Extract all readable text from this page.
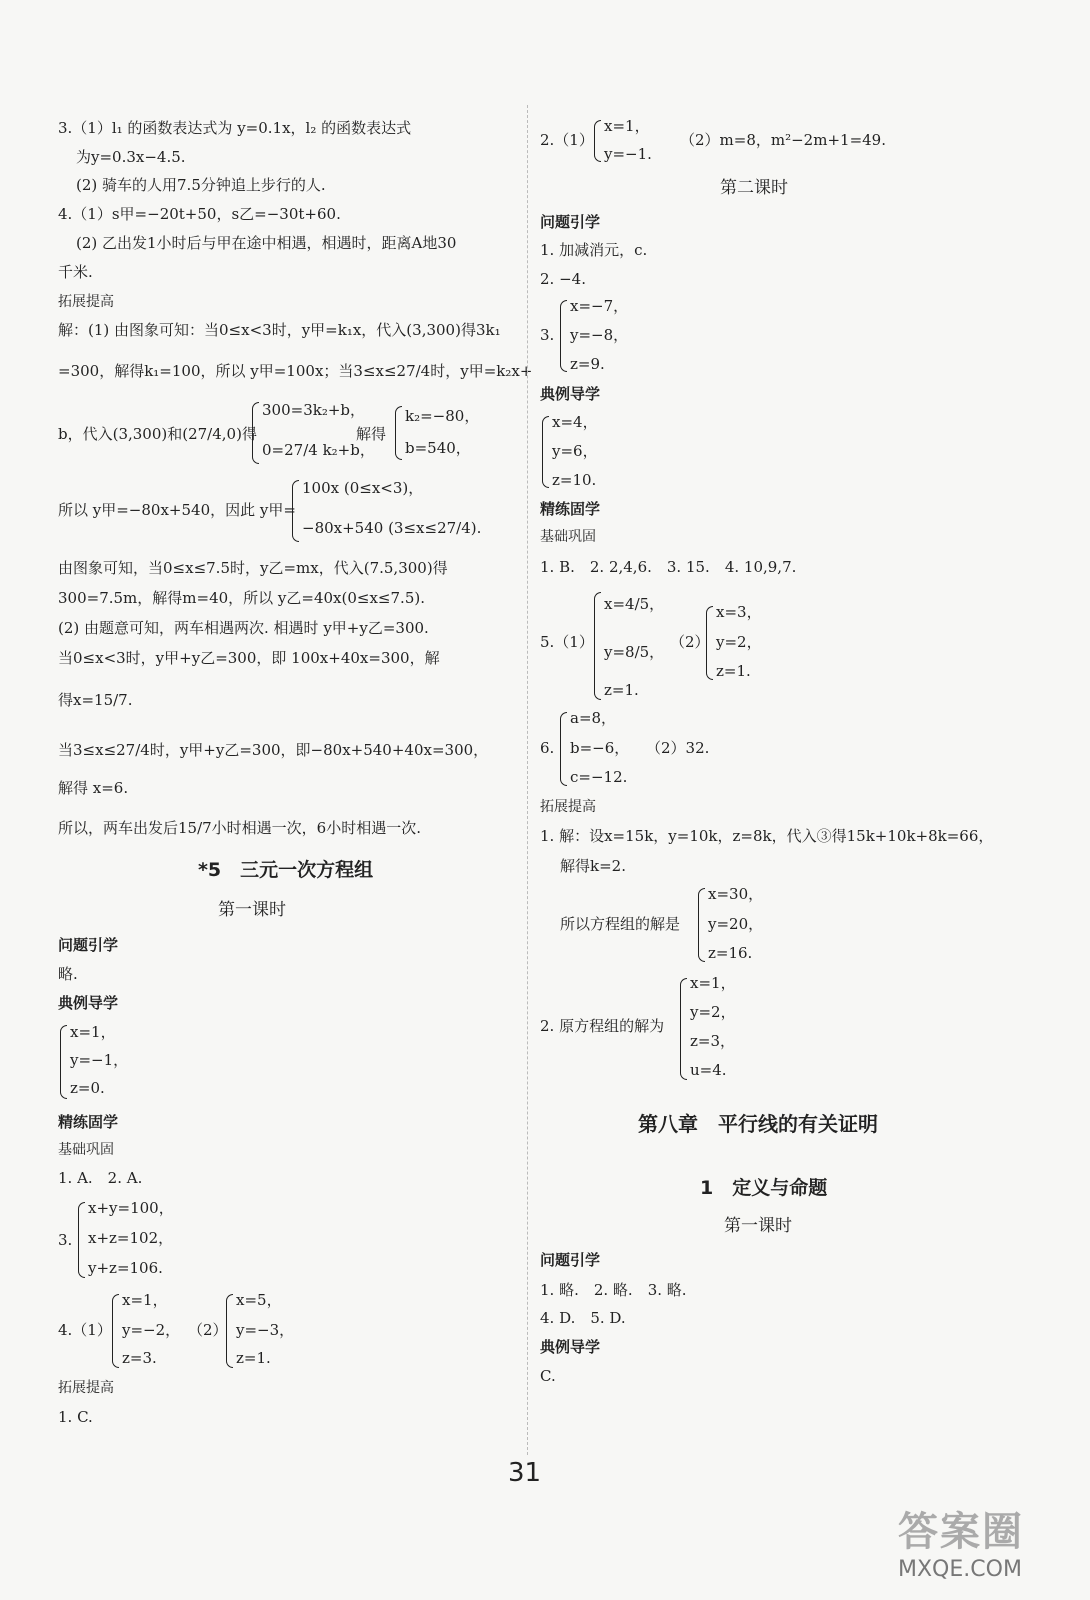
3.（1）l₁ 的函数表达式为 y=0.1x，l₂ 的函数表达式
为y=0.3x−4.5.
(2) 骑车的人用7.5分钟追上步行的人.
4.（1）s甲=−20t+50，s乙=−30t+60.
(2) 乙出发1小时后与甲在途中相遇，相遇时，距离A地30
千米.
拓展提高
解：(1) 由图象可知：当0≤x<3时，y甲=k₁x，代入(3,300)得3k₁
=300，解得k₁=100，所以 y甲=100x；当3≤x≤27/4时，y甲=k₂x+
b，代入(3,300)和(27/4,0)得
300=3k₂+b，
0=27/4 k₂+b，
解得
k₂=−80，
b=540，
所以 y甲=−80x+540，因此 y甲=
100x (0≤x<3)，
−80x+540 (3≤x≤27/4).
由图象可知，当0≤x≤7.5时，y乙=mx，代入(7.5,300)得
300=7.5m，解得m=40，所以 y乙=40x(0≤x≤7.5).
(2) 由题意可知，两车相遇两次. 相遇时 y甲+y乙=300.
当0≤x<3时，y甲+y乙=300，即 100x+40x=300，解
得x=15/7.
当3≤x≤27/4时，y甲+y乙=300，即−80x+540+40x=300，
解得 x=6.
所以，两车出发后15/7小时相遇一次，6小时相遇一次.
*5　三元一次方程组
第一课时
问题引学
略.
典例导学
x=1，
y=−1，
z=0.
精练固学
基础巩固
1. A.　2. A.
3.
x+y=100，
x+z=102，
y+z=106.
4.（1）
x=1，
y=−2，
z=3.
（2）
x=5，
y=−3，
z=1.
拓展提高
1. C.
2.（1）
x=1，
y=−1.
（2）m=8，m²−2m+1=49.
第二课时
问题引学
1. 加减消元，c.
2. −4.
3.
x=−7，
y=−8，
z=9.
典例导学
x=4，
y=6，
z=10.
精练固学
基础巩固
1. B.　2. 2,4,6.　3. 15.　4. 10,9,7.
5.（1）
x=4/5，
y=8/5，
z=1.
（2）
x=3，
y=2，
z=1.
6.
a=8，
b=−6，
c=−12.
（2）32.
拓展提高
1. 解：设x=15k，y=10k，z=8k，代入③得15k+10k+8k=66，
解得k=2.
所以方程组的解是
x=30，
y=20，
z=16.
2. 原方程组的解为
x=1，
y=2，
z=3，
u=4.
第八章　平行线的有关证明
1　定义与命题
第一课时
问题引学
1. 略.　2. 略.　3. 略.
4. D.　5. D.
典例导学
C.
31
答案圈
MXQE.COM
